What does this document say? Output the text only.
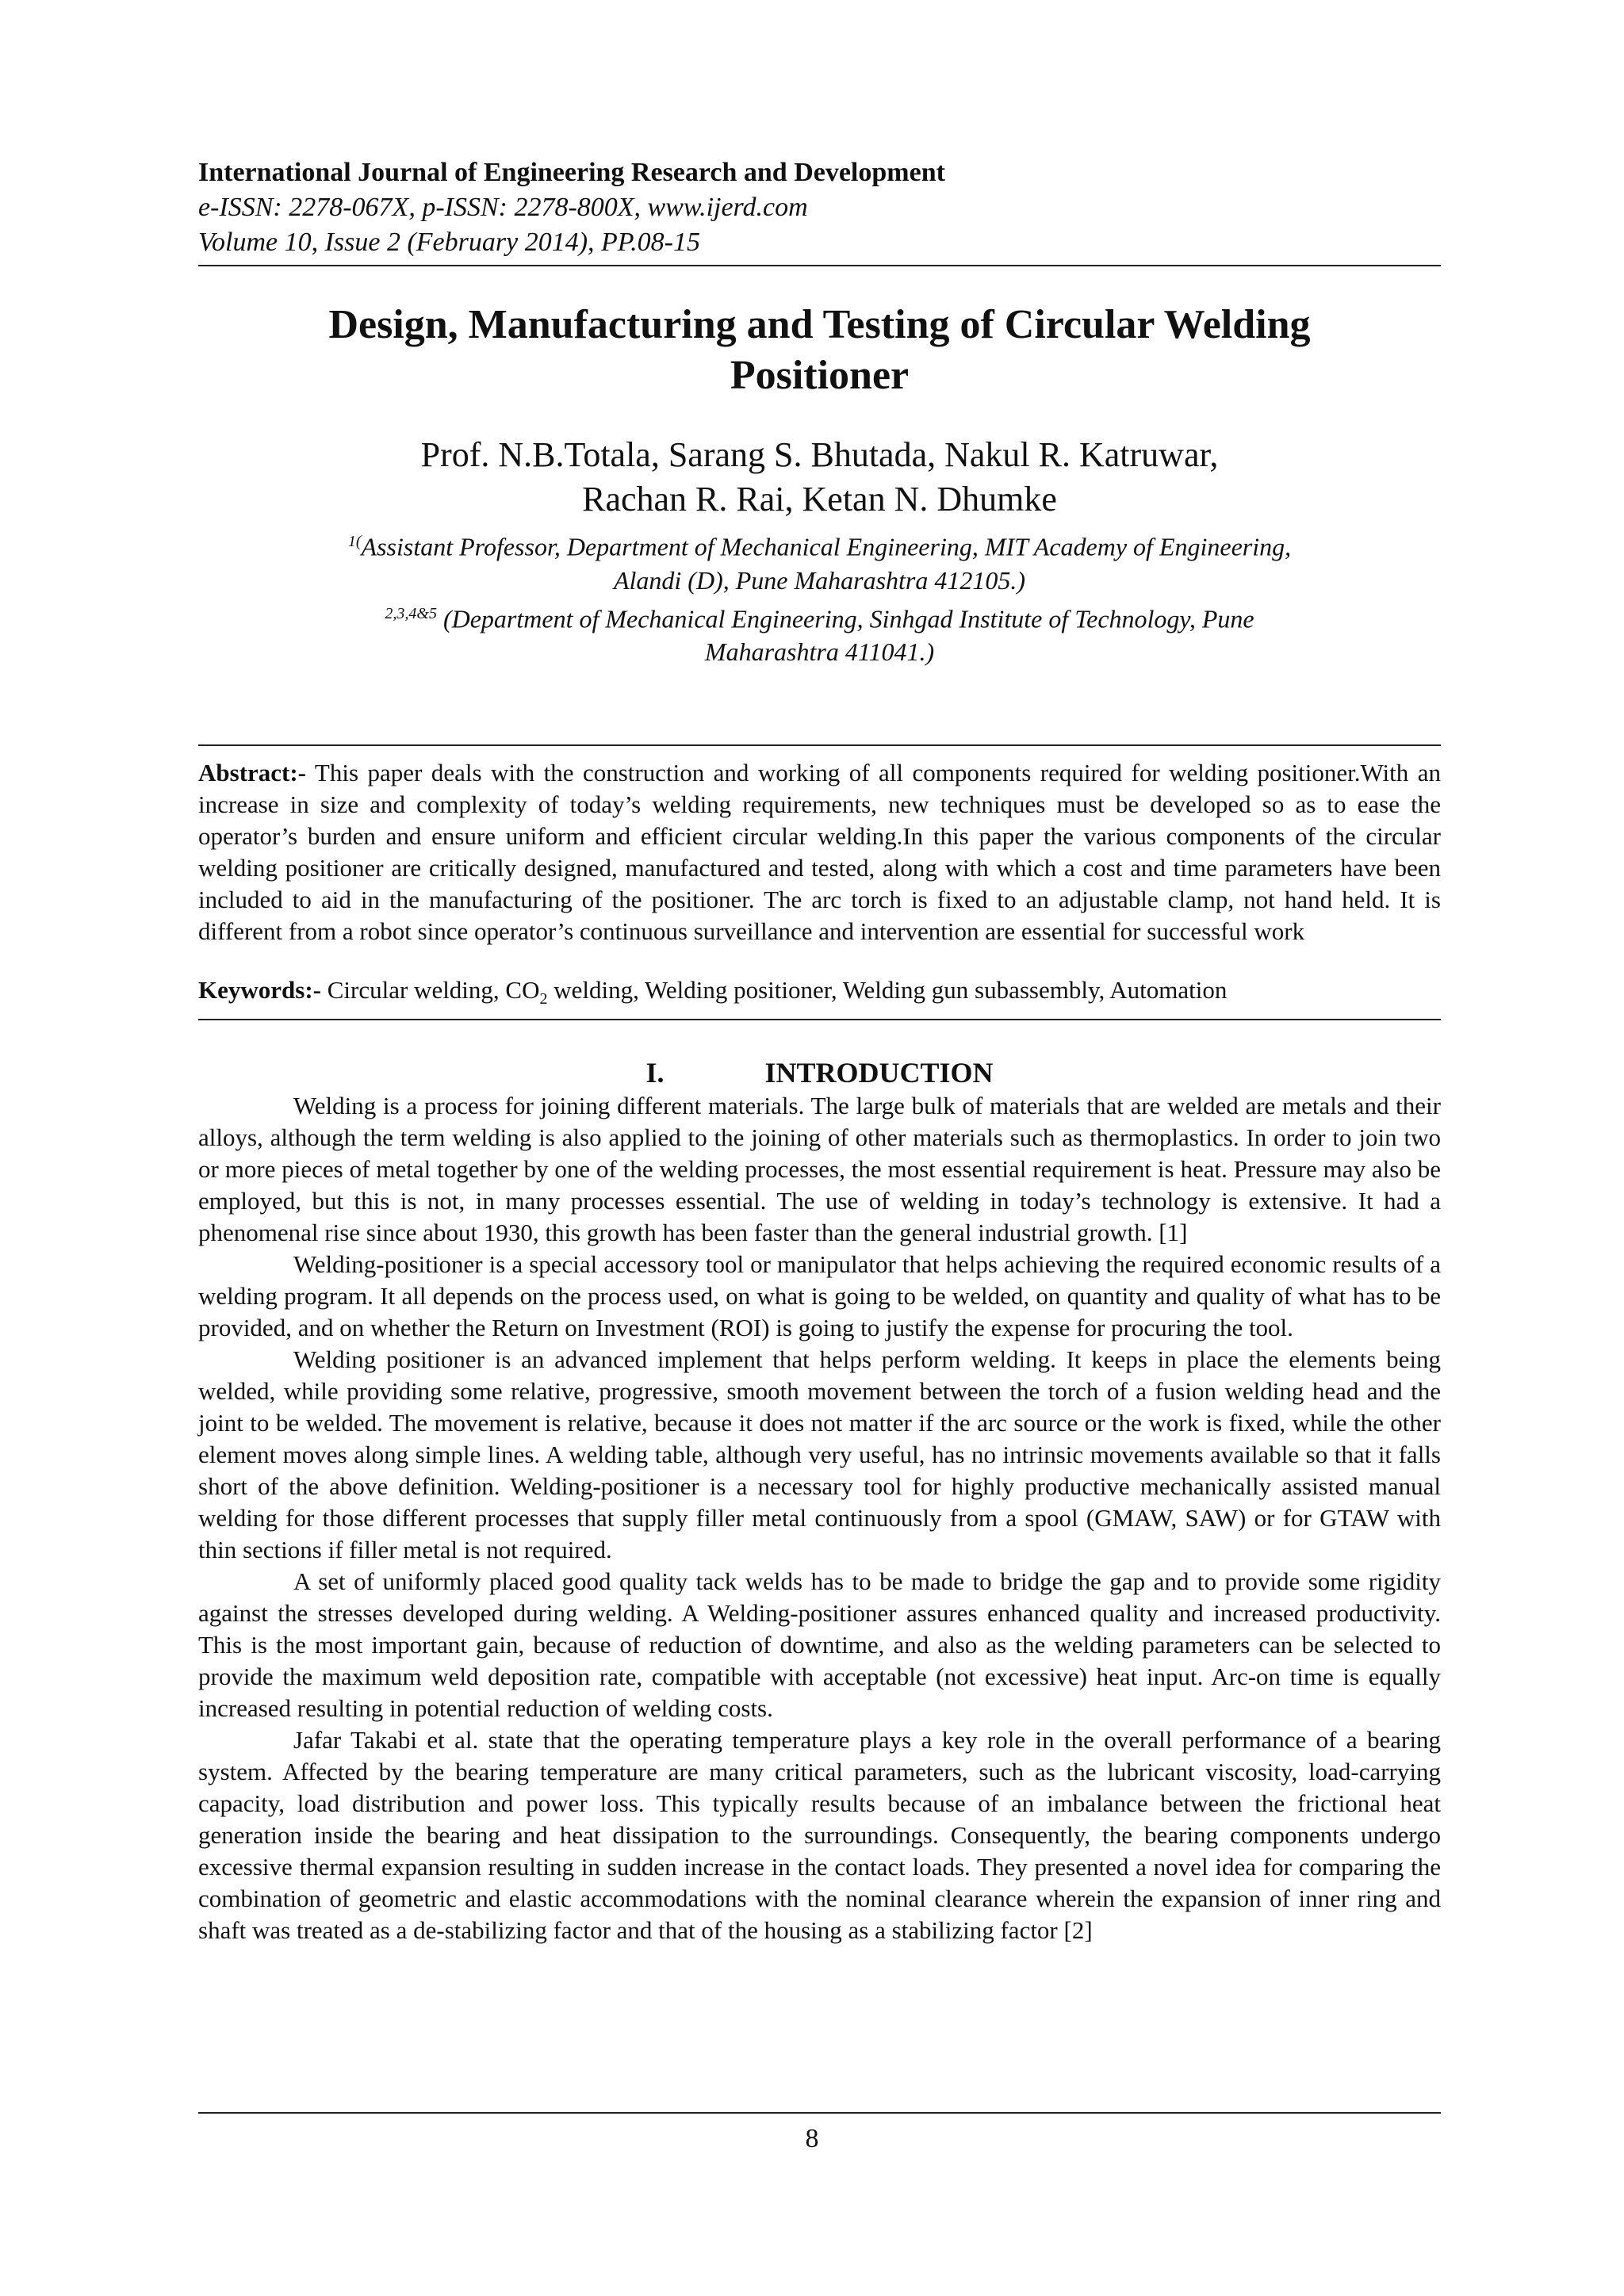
International Journal of Engineering Research and Development
e-ISSN: 2278-067X, p-ISSN: 2278-800X, www.ijerd.com
Volume 10, Issue 2 (February 2014), PP.08-15
Design, Manufacturing and Testing of Circular Welding
Positioner
Prof. N.B.Totala, Sarang S. Bhutada, Nakul R. Katruwar,
Rachan R. Rai, Ketan N. Dhumke
$^{1(}$Assistant Professor, Department of Mechanical Engineering, MIT Academy of Engineering,
Alandi (D), Pune Maharashtra 412105.)
$^{2,3,4\&5}$ (Department of Mechanical Engineering, Sinhgad Institute of Technology, Pune
Maharashtra 411041.)

Abstract:- This paper deals with the construction and working of all components required for welding positioner.With an increase in size and complexity of today’s welding requirements, new techniques must be developed so as to ease the operator’s burden and ensure uniform and efficient circular welding.In this paper the various components of the circular welding positioner are critically designed, manufactured and tested, along with which a cost and time parameters have been included to aid in the manufacturing of the positioner. The arc torch is fixed to an adjustable clamp, not hand held. It is different from a robot since operator’s continuous surveillance and intervention are essential for successful work

Keywords:- Circular welding, $CO_2$ welding, Welding positioner, Welding gun subassembly, Automation

I.	INTRODUCTION

Welding is a process for joining different materials. The large bulk of materials that are welded are metals and their alloys, although the term welding is also applied to the joining of other materials such as thermoplastics. In order to join two or more pieces of metal together by one of the welding processes, the most essential requirement is heat. Pressure may also be employed, but this is not, in many processes essential. The use of welding in today’s technology is extensive. It had a phenomenal rise since about 1930, this growth has been faster than the general industrial growth. [1]

Welding-positioner is a special accessory tool or manipulator that helps achieving the required economic results of a welding program. It all depends on the process used, on what is going to be welded, on quantity and quality of what has to be provided, and on whether the Return on Investment (ROI) is going to justify the expense for procuring the tool.

Welding positioner is an advanced implement that helps perform welding. It keeps in place the elements being welded, while providing some relative, progressive, smooth movement between the torch of a fusion welding head and the joint to be welded. The movement is relative, because it does not matter if the arc source or the work is fixed, while the other element moves along simple lines. A welding table, although very useful, has no intrinsic movements available so that it falls short of the above definition. Welding-positioner is a necessary tool for highly productive mechanically assisted manual welding for those different processes that supply filler metal continuously from a spool (GMAW, SAW) or for GTAW with thin sections if filler metal is not required.

A set of uniformly placed good quality tack welds has to be made to bridge the gap and to provide some rigidity against the stresses developed during welding. A Welding-positioner assures enhanced quality and increased productivity. This is the most important gain, because of reduction of downtime, and also as the welding parameters can be selected to provide the maximum weld deposition rate, compatible with acceptable (not excessive) heat input. Arc-on time is equally increased resulting in potential reduction of welding costs.

Jafar Takabi et al. state that the operating temperature plays a key role in the overall performance of a bearing system. Affected by the bearing temperature are many critical parameters, such as the lubricant viscosity, load-carrying capacity, load distribution and power loss. This typically results because of an imbalance between the frictional heat generation inside the bearing and heat dissipation to the surroundings. Consequently, the bearing components undergo excessive thermal expansion resulting in sudden increase in the contact loads. They presented a novel idea for comparing the combination of geometric and elastic accommodations with the nominal clearance wherein the expansion of inner ring and shaft was treated as a de-stabilizing factor and that of the housing as a stabilizing factor [2]

8
